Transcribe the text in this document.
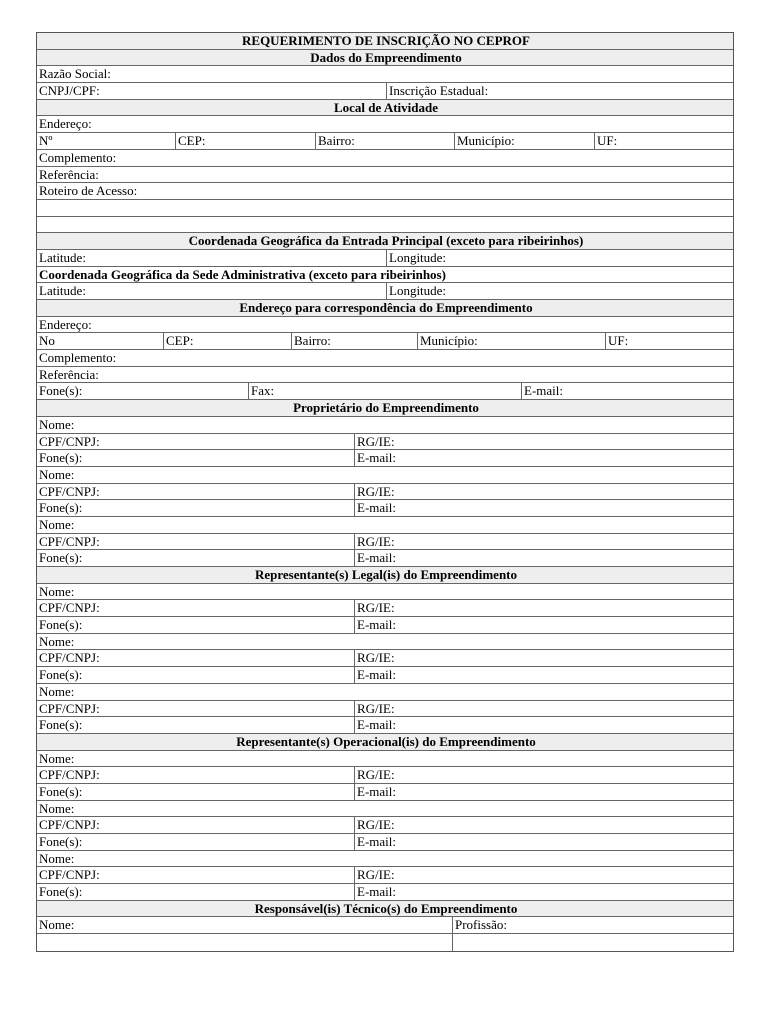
REQUERIMENTO DE INSCRIÇÃO NO CEPROF
Dados do Empreendimento
Razão Social:
CNPJ/CPF:	Inscrição Estadual:
Local de Atividade
Endereço:
Nº	CEP:	Bairro:	Município:	UF:
Complemento:
Referência:
Roteiro de Acesso:
Coordenada Geográfica da Entrada Principal (exceto para ribeirinhos)
Latitude:	Longitude:
Coordenada Geográfica da Sede Administrativa (exceto para ribeirinhos)
Latitude:	Longitude:
Endereço para correspondência do Empreendimento
Endereço:
No	CEP:	Bairro:	Município:	UF:
Complemento:
Referência:
Fone(s):	Fax:	E-mail:
Proprietário do Empreendimento
Nome:
CPF/CNPJ:	RG/IE:
Fone(s):	E-mail:
Nome:
CPF/CNPJ:	RG/IE:
Fone(s):	E-mail:
Nome:
CPF/CNPJ:	RG/IE:
Fone(s):	E-mail:
Representante(s) Legal(is) do Empreendimento
Nome:
CPF/CNPJ:	RG/IE:
Fone(s):	E-mail:
Nome:
CPF/CNPJ:	RG/IE:
Fone(s):	E-mail:
Nome:
CPF/CNPJ:	RG/IE:
Fone(s):	E-mail:
Representante(s) Operacional(is) do Empreendimento
Nome:
CPF/CNPJ:	RG/IE:
Fone(s):	E-mail:
Nome:
CPF/CNPJ:	RG/IE:
Fone(s):	E-mail:
Nome:
CPF/CNPJ:	RG/IE:
Fone(s):	E-mail:
Responsável(is) Técnico(s) do Empreendimento
Nome:	Profissão:
